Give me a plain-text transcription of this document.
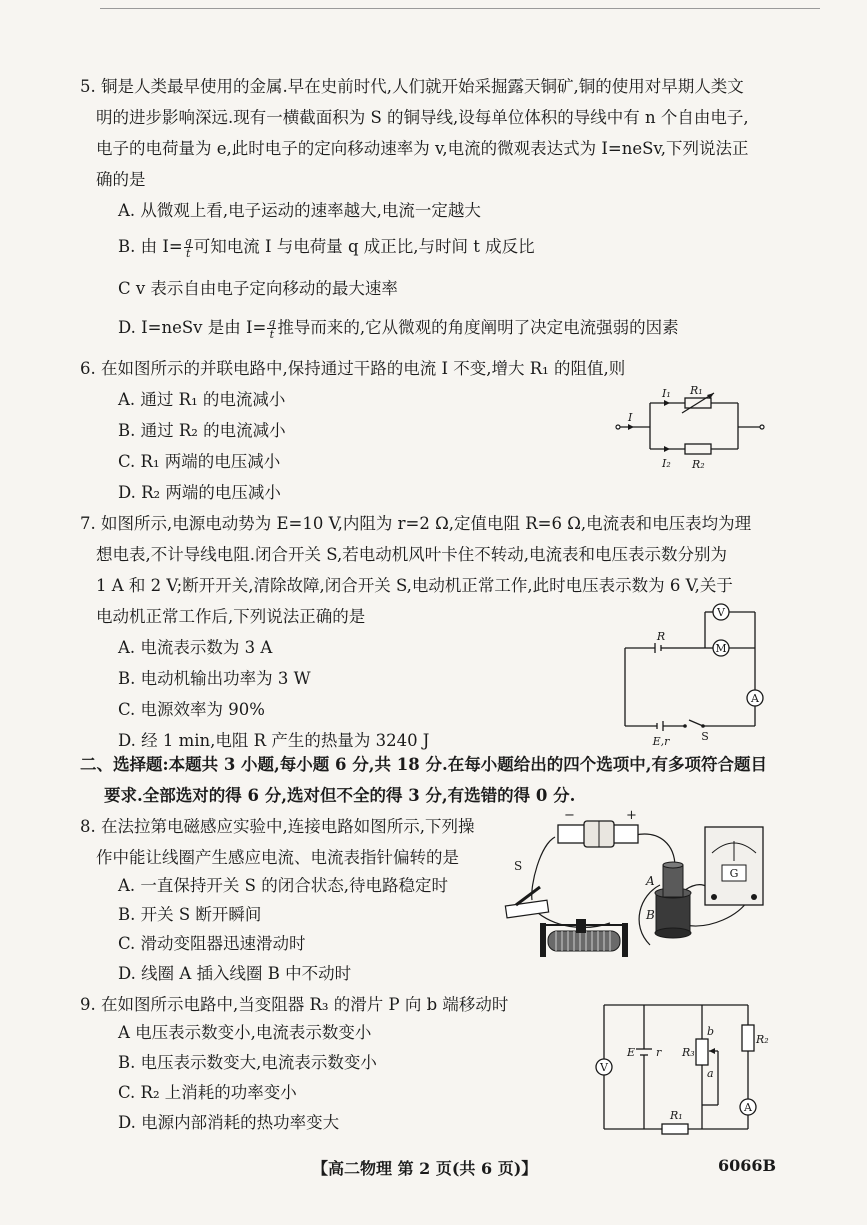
5. 铜是人类最早使用的金属.早在史前时代,人们就开始采掘露天铜矿,铜的使用对早期人类文
明的进步影响深远.现有一横截面积为 S 的铜导线,设每单位体积的导线中有 n 个自由电子,
电子的电荷量为 e,此时电子的定向移动速率为 v,电流的微观表达式为 I=neSv,下列说法正
确的是
A. 从微观上看,电子运动的速率越大,电流一定越大
B. 由 $I= \frac{q}{t}$ 可知电流 I 与电荷量 q 成正比,与时间 t 成反比
C v 表示自由电子定向移动的最大速率
D. I=neSv 是由 $I= \frac{q}{t}$ 推导而来的,它从微观的角度阐明了决定电流强弱的因素
6. 在如图所示的并联电路中,保持通过干路的电流 I 不变,增大 R₁ 的阻值,则
A. 通过 R₁ 的电流减小
B. 通过 R₂ 的电流减小
C. R₁ 两端的电压减小
D. R₂ 两端的电压减小
I
I₁ R₁
I₂ R₂
7. 如图所示,电源电动势为 E=10 V,内阻为 r=2 Ω,定值电阻 R=6 Ω,电流表和电压表均为理
想电表,不计导线电阻.闭合开关 S,若电动机风叶卡住不转动,电流表和电压表示数分别为
1 A 和 2 V;断开开关,清除故障,闭合开关 S,电动机正常工作,此时电压表示数为 6 V,关于
电动机正常工作后,下列说法正确的是
A. 电流表示数为 3 A
B. 电动机输出功率为 3 W
C. 电源效率为 90%
D. 经 1 min,电阻 R 产生的热量为 3240 J
V
M
A
R
E,r	S
二、选择题:本题共 3 小题,每小题 6 分,共 18 分.在每小题给出的四个选项中,有多项符合题目
要求.全部选对的得 6 分,选对但不全的得 3 分,有选错的得 0 分.
8. 在法拉第电磁感应实验中,连接电路如图所示,下列操
作中能让线圈产生感应电流、电流表指针偏转的是
A. 一直保持开关 S 的闭合状态,待电路稳定时
B. 开关 S 断开瞬间
C. 滑动变阻器迅速滑动时
D. 线圈 A 插入线圈 B 中不动时
−	+
S
A
B
G
9. 在如图所示电路中,当变阻器 R₃ 的滑片 P 向 b 端移动时
A 电压表示数变小,电流表示数变小
B. 电压表示数变大,电流表示数变小
C. R₂ 上消耗的功率变小
D. 电源内部消耗的热功率变大
V
A
E r R₃
b
a
R₂
R₁
【高二物理 第 2 页(共 6 页)】	6066B
